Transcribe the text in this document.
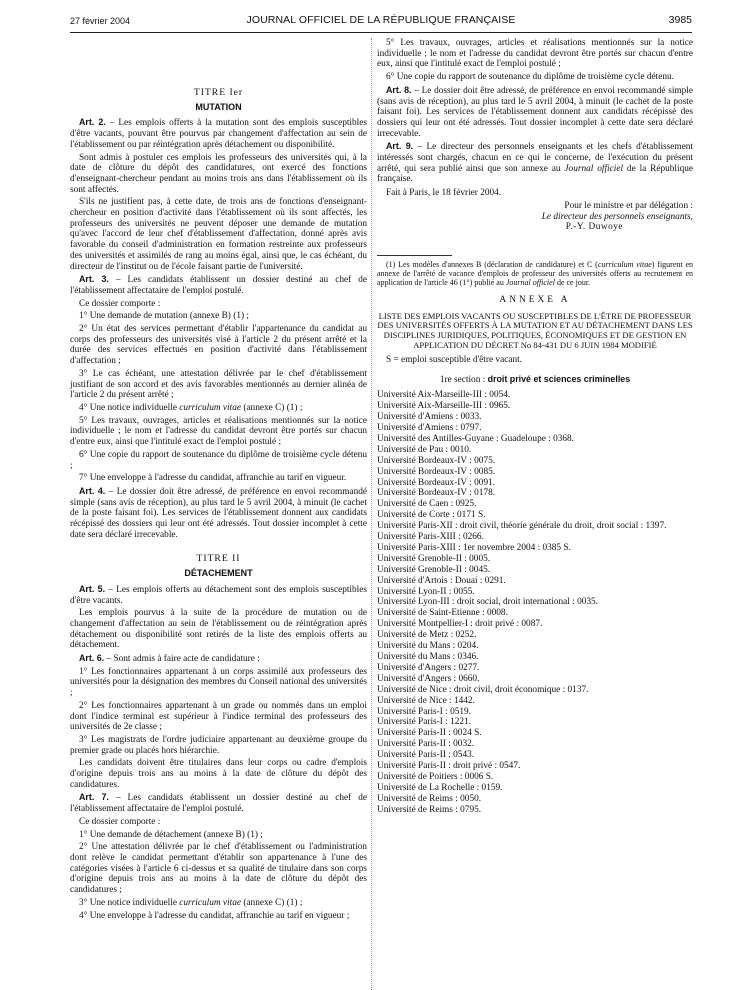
27 février 2004	JOURNAL OFFICIEL DE LA RÉPUBLIQUE FRANÇAISE	3985

TITRE Ier

MUTATION

Art. 2. – Les emplois offerts à la mutation sont des emplois susceptibles d'être vacants, pouvant être pourvus par changement d'affectation au sein de l'établissement ou par réintégration après détachement ou disponibilité.

Sont admis à postuler ces emplois les professeurs des universités qui, à la date de clôture du dépôt des candidatures, ont exercé des fonctions d'enseignant-chercheur pendant au moins trois ans dans l'établissement où ils sont affectés.

S'ils ne justifient pas, à cette date, de trois ans de fonctions d'enseignant-chercheur en position d'activité dans l'établissement où ils sont affectés, les professeurs des universités ne peuvent déposer une demande de mutation qu'avec l'accord de leur chef d'établissement d'affectation, donné après avis favorable du conseil d'administration en formation restreinte aux professeurs des universités et assimilés de rang au moins égal, ainsi que, le cas échéant, du directeur de l'institut ou de l'école faisant partie de l'université.

Art. 3. – Les candidats établissent un dossier destiné au chef de l'établissement affectataire de l'emploi postulé.

Ce dossier comporte :

1° Une demande de mutation (annexe B) (1) ;

2° Un état des services permettant d'établir l'appartenance du candidat au corps des professeurs des universités visé à l'article 2 du présent arrêté et la durée des services effectués en position d'activité dans l'établissement d'affectation ;

3° Le cas échéant, une attestation délivrée par le chef d'établissement justifiant de son accord et des avis favorables mentionnés au dernier alinéa de l'article 2 du présent arrêté ;

4° Une notice individuelle curriculum vitae (annexe C) (1) ;

5° Les travaux, ouvrages, articles et réalisations mentionnés sur la notice individuelle ; le nom et l'adresse du candidat devront être portés sur chacun d'entre eux, ainsi que l'intitulé exact de l'emploi postulé ;

6° Une copie du rapport de soutenance du diplôme de troisième cycle détenu ;

7° Une enveloppe à l'adresse du candidat, affranchie au tarif en vigueur.

Art. 4. – Le dossier doit être adressé, de préférence en envoi recommandé simple (sans avis de réception), au plus tard le 5 avril 2004, à minuit (le cachet de la poste faisant foi). Les services de l'établissement donnent aux candidats récépissé des dossiers qui leur ont été adressés. Tout dossier incomplet à cette date sera déclaré irrecevable.

TITRE II

DÉTACHEMENT

Art. 5. – Les emplois offerts au détachement sont des emplois susceptibles d'être vacants.

Les emplois pourvus à la suite de la procédure de mutation ou de changement d'affectation au sein de l'établissement ou de réintégration après détachement ou disponibilité sont retirés de la liste des emplois offerts au détachement.

Art. 6. – Sont admis à faire acte de candidature :

1° Les fonctionnaires appartenant à un corps assimilé aux professeurs des universités pour la désignation des membres du Conseil national des universités ;

2° Les fonctionnaires appartenant à un grade ou nommés dans un emploi dont l'indice terminal est supérieur à l'indice terminal des professeurs des universités de 2e classe ;

3° Les magistrats de l'ordre judiciaire appartenant au deuxième groupe du premier grade ou placés hors hiérarchie.

Les candidats doivent être titulaires dans leur corps ou cadre d'emplois d'origine depuis trois ans au moins à la date de clôture du dépôt des candidatures.

Art. 7. – Les candidats établissent un dossier destiné au chef de l'établissement affectataire de l'emploi postulé.

Ce dossier comporte :

1° Une demande de détachement (annexe B) (1) ;

2° Une attestation délivrée par le chef d'établissement ou l'administration dont relève le candidat permettant d'établir son appartenance à l'une des catégories visées à l'article 6 ci-dessus et sa qualité de titulaire dans son corps d'origine depuis trois ans au moins à la date de clôture du dépôt des candidatures ;

3° Une notice individuelle curriculum vitae (annexe C) (1) ;

4° Une enveloppe à l'adresse du candidat, affranchie au tarif en vigueur ;

5° Les travaux, ouvrages, articles et réalisations mentionnés sur la notice individuelle ; le nom et l'adresse du candidat devront être portés sur chacun d'entre eux, ainsi que l'intitulé exact de l'emploi postulé ;

6° Une copie du rapport de soutenance du diplôme de troisième cycle détenu.

Art. 8. – Le dossier doit être adressé, de préférence en envoi recommandé simple (sans avis de réception), au plus tard le 5 avril 2004, à minuit (le cachet de la poste faisant foi). Les services de l'établissement donnent aux candidats récépissé des dossiers qui leur ont été adressés. Tout dossier incomplet à cette date sera déclaré irrecevable.

Art. 9. – Le directeur des personnels enseignants et les chefs d'établissement intéressés sont chargés, chacun en ce qui le concerne, de l'exécution du présent arrêté, qui sera publié ainsi que son annexe au Journal officiel de la République française.

Fait à Paris, le 18 février 2004.

Pour le ministre et par délégation :

Le directeur des personnels enseignants,

P.-Y. Duwoye

(1) Les modèles d'annexes B (déclaration de candidature) et C (curriculum vitae) figurent en annexe de l'arrêté de vacance d'emplois de professeur des universités offerts au recrutement en application de l'article 46 (1°) publié au Journal officiel de ce jour.

ANNEXE A

LISTE DES EMPLOIS VACANTS OU SUSCEPTIBLES DE L'ÊTRE DE PROFESSEUR DES UNIVERSITÉS OFFERTS À LA MUTATION ET AU DÉTACHEMENT DANS LES DISCIPLINES JURIDIQUES, POLITIQUES, ÉCONOMIQUES ET DE GESTION EN APPLICATION DU DÉCRET No 84-431 DU 6 JUIN 1984 MODIFIÉ

S = emploi susceptible d'être vacant.

1re section : droit privé et sciences criminelles

Université Aix-Marseille-III : 0054.
Université Aix-Marseille-III : 0965.
Université d'Amiens : 0033.
Université d'Amiens : 0797.
Université des Antilles-Guyane : Guadeloupe : 0368.
Université de Pau : 0010.
Université Bordeaux-IV : 0075.
Université Bordeaux-IV : 0085.
Université Bordeaux-IV : 0091.
Université Bordeaux-IV : 0178.
Université de Caen : 0925.
Université de Corte : 0171 S.
Université Paris-XII : droit civil, théorie générale du droit, droit social : 1397.
Université Paris-XIII : 0266.
Université Paris-XIII : 1er novembre 2004 : 0385 S.
Université Grenoble-II : 0005.
Université Grenoble-II : 0045.
Université d'Artois : Douai : 0291.
Université Lyon-II : 0055.
Université Lyon-III : droit social, droit international : 0035.
Université de Saint-Etienne : 0008.
Université Montpellier-I : droit privé : 0087.
Université de Metz : 0252.
Université du Mans : 0204.
Université du Mans : 0346.
Université d'Angers : 0277.
Université d'Angers : 0660.
Université de Nice : droit civil, droit économique : 0137.
Université de Nice : 1442.
Université Paris-I : 0519.
Université Paris-I : 1221.
Université Paris-II : 0024 S.
Université Paris-II : 0032.
Université Paris-II : 0543.
Université Paris-II : droit privé : 0547.
Université de Poitiers : 0006 S.
Université de La Rochelle : 0159.
Université de Reims : 0050.
Université de Reims : 0795.
